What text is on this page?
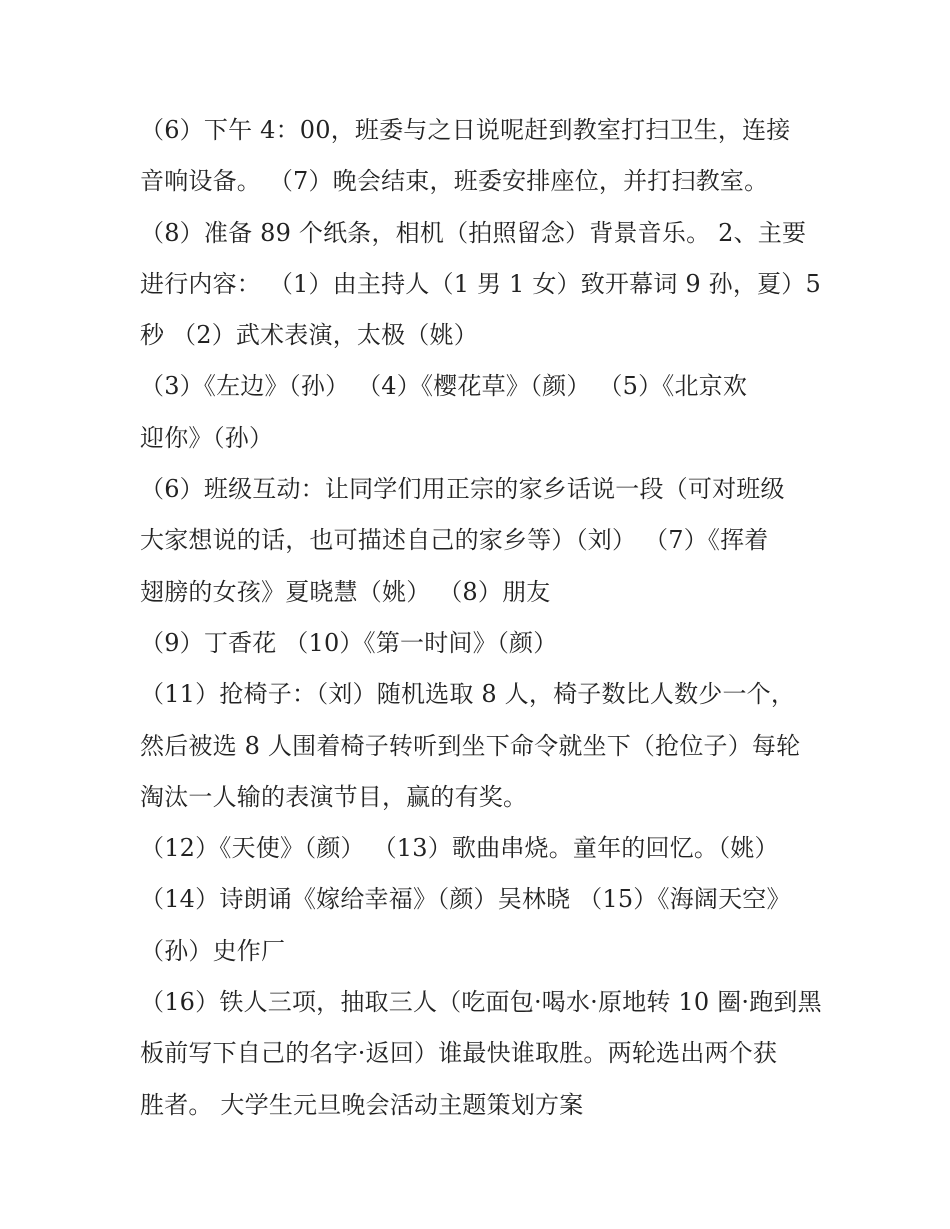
（6）下午 4：00，班委与之日说呢赶到教室打扫卫生，连接
音响设备。 （7）晚会结束，班委安排座位，并打扫教室。
（8）准备 89 个纸条，相机（拍照留念）背景音乐。 2、主要
进行内容： （1）由主持人（1 男 1 女）致开幕词 9 孙，夏）5
秒 （2）武术表演，太极（姚）
（3）《左边》（孙） （4）《樱花草》（颜） （5）《北京欢
迎你》（孙）
（6）班级互动：让同学们用正宗的家乡话说一段（可对班级
大家想说的话，也可描述自己的家乡等）（刘） （7）《挥着
翅膀的女孩》夏晓慧（姚） （8）朋友
（9）丁香花 （10）《第一时间》（颜）
（11）抢椅子：（刘）随机选取 8 人，椅子数比人数少一个，
然后被选 8 人围着椅子转听到坐下命令就坐下（抢位子）每轮
淘汰一人输的表演节目，赢的有奖。
（12）《天使》（颜） （13）歌曲串烧。童年的回忆。（姚）
（14）诗朗诵《嫁给幸福》（颜）吴林晓 （15）《海阔天空》
（孙）史作厂
（16）铁人三项，抽取三人（吃面包·喝水·原地转 10 圈·跑到黑
板前写下自己的名字·返回）谁最快谁取胜。两轮选出两个获
胜者。 大学生元旦晚会活动主题策划方案
